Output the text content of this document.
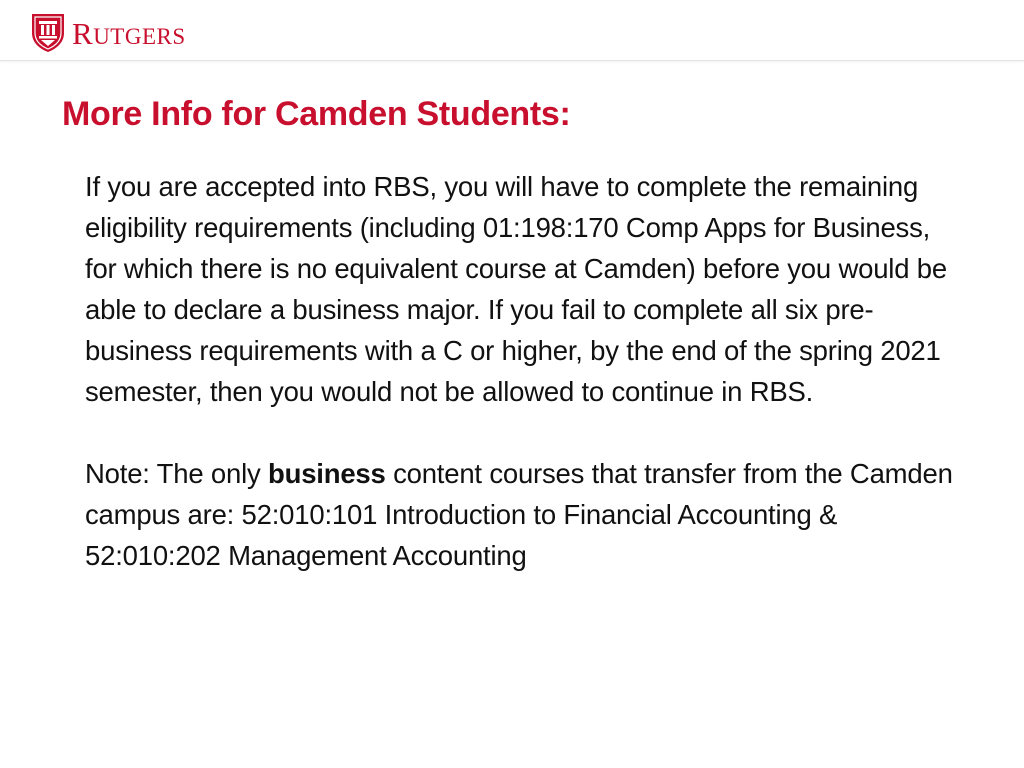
RUTGERS
More Info for Camden Students:

If you are accepted into RBS, you will have to complete the remaining eligibility requirements (including 01:198:170 Comp Apps for Business, for which there is no equivalent course at Camden) before you would be able to declare a business major. If you fail to complete all six pre-business requirements with a C or higher, by the end of the spring 2021 semester, then you would not be allowed to continue in RBS.

Note: The only business content courses that transfer from the Camden campus are: 52:010:101 Introduction to Financial Accounting & 52:010:202 Management Accounting
